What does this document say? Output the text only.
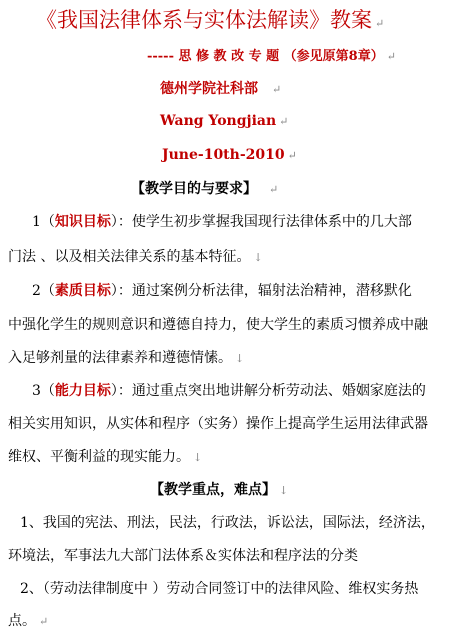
《我国法律体系与实体法解读》教案 ↵
----- 思 修 教 改 专 题 （参见原第8章） ↵
德州学院社科部 ↵
Wang Yongjian ↵
June-10th-2010 ↵
【教学目的与要求】 ↵
1（知识目标）：使学生初步掌握我国现行法律体系中的几大部
门法 、以及相关法律关系的基本特征。 ↓
2（素质目标）：通过案例分析法律，辐射法治精神，潜移默化
中强化学生的规则意识和遵德自持力，使大学生的素质习惯养成中融
入足够剂量的法律素养和遵德情愫。 ↓
3（能力目标）：通过重点突出地讲解分析劳动法、婚姻家庭法的
相关实用知识，从实体和程序（实务）操作上提高学生运用法律武器
维权、平衡利益的现实能力。 ↓
【教学重点，难点】 ↓
1、我国的宪法、刑法，民法，行政法，诉讼法，国际法，经济法，
环境法，军事法九大部门法体系＆实体法和程序法的分类
2、（劳动法律制度中 ）劳动合同签订中的法律风险、维权实务热
点。 ↵
